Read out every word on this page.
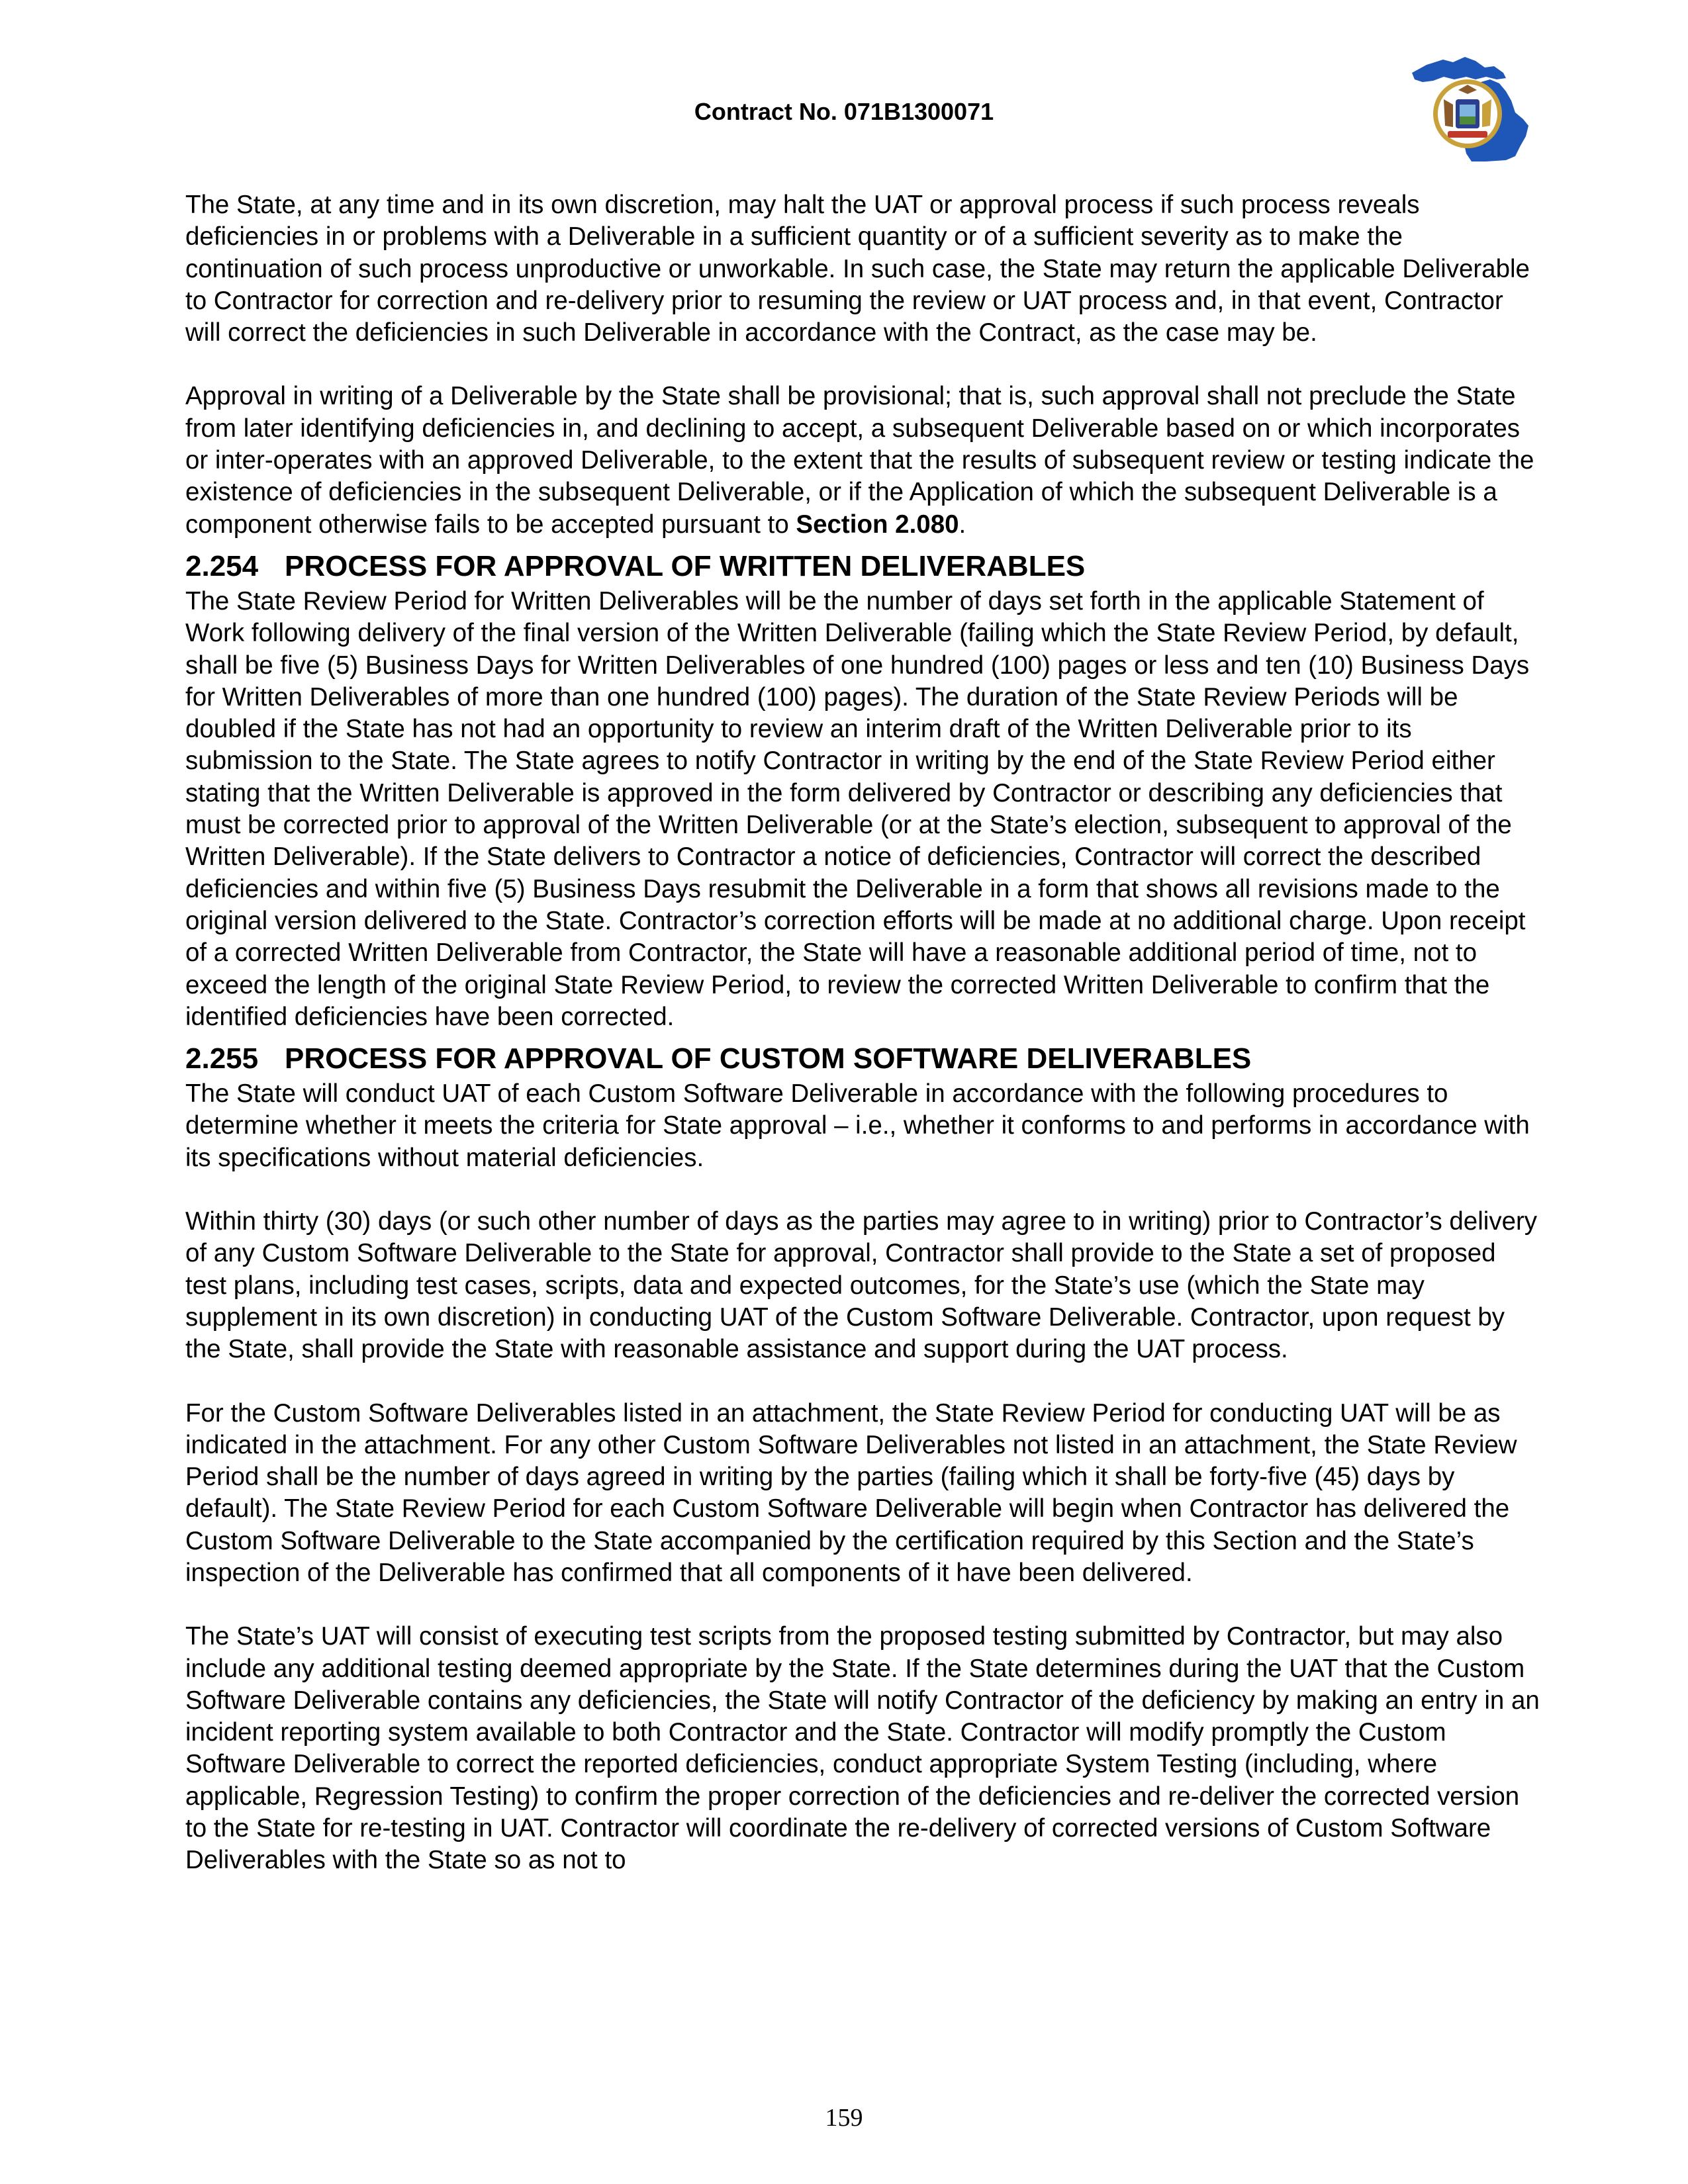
Contract No. 071B1300071

The State, at any time and in its own discretion, may halt the UAT or approval process if such process reveals deficiencies in or problems with a Deliverable in a sufficient quantity or of a sufficient severity as to make the continuation of such process unproductive or unworkable. In such case, the State may return the applicable Deliverable to Contractor for correction and re-delivery prior to resuming the review or UAT process and, in that event, Contractor will correct the deficiencies in such Deliverable in accordance with the Contract, as the case may be.

Approval in writing of a Deliverable by the State shall be provisional; that is, such approval shall not preclude the State from later identifying deficiencies in, and declining to accept, a subsequent Deliverable based on or which incorporates or inter-operates with an approved Deliverable, to the extent that the results of subsequent review or testing indicate the existence of deficiencies in the subsequent Deliverable, or if the Application of which the subsequent Deliverable is a component otherwise fails to be accepted pursuant to Section 2.080.

2.254 PROCESS FOR APPROVAL OF WRITTEN DELIVERABLES

The State Review Period for Written Deliverables will be the number of days set forth in the applicable Statement of Work following delivery of the final version of the Written Deliverable (failing which the State Review Period, by default, shall be five (5) Business Days for Written Deliverables of one hundred (100) pages or less and ten (10) Business Days for Written Deliverables of more than one hundred (100) pages). The duration of the State Review Periods will be doubled if the State has not had an opportunity to review an interim draft of the Written Deliverable prior to its submission to the State. The State agrees to notify Contractor in writing by the end of the State Review Period either stating that the Written Deliverable is approved in the form delivered by Contractor or describing any deficiencies that must be corrected prior to approval of the Written Deliverable (or at the State’s election, subsequent to approval of the Written Deliverable). If the State delivers to Contractor a notice of deficiencies, Contractor will correct the described deficiencies and within five (5) Business Days resubmit the Deliverable in a form that shows all revisions made to the original version delivered to the State. Contractor’s correction efforts will be made at no additional charge. Upon receipt of a corrected Written Deliverable from Contractor, the State will have a reasonable additional period of time, not to exceed the length of the original State Review Period, to review the corrected Written Deliverable to confirm that the identified deficiencies have been corrected.

2.255 PROCESS FOR APPROVAL OF CUSTOM SOFTWARE DELIVERABLES

The State will conduct UAT of each Custom Software Deliverable in accordance with the following procedures to determine whether it meets the criteria for State approval – i.e., whether it conforms to and performs in accordance with its specifications without material deficiencies.

Within thirty (30) days (or such other number of days as the parties may agree to in writing) prior to Contractor’s delivery of any Custom Software Deliverable to the State for approval, Contractor shall provide to the State a set of proposed test plans, including test cases, scripts, data and expected outcomes, for the State’s use (which the State may supplement in its own discretion) in conducting UAT of the Custom Software Deliverable. Contractor, upon request by the State, shall provide the State with reasonable assistance and support during the UAT process.

For the Custom Software Deliverables listed in an attachment, the State Review Period for conducting UAT will be as indicated in the attachment. For any other Custom Software Deliverables not listed in an attachment, the State Review Period shall be the number of days agreed in writing by the parties (failing which it shall be forty-five (45) days by default). The State Review Period for each Custom Software Deliverable will begin when Contractor has delivered the Custom Software Deliverable to the State accompanied by the certification required by this Section and the State’s inspection of the Deliverable has confirmed that all components of it have been delivered.

The State’s UAT will consist of executing test scripts from the proposed testing submitted by Contractor, but may also include any additional testing deemed appropriate by the State. If the State determines during the UAT that the Custom Software Deliverable contains any deficiencies, the State will notify Contractor of the deficiency by making an entry in an incident reporting system available to both Contractor and the State. Contractor will modify promptly the Custom Software Deliverable to correct the reported deficiencies, conduct appropriate System Testing (including, where applicable, Regression Testing) to confirm the proper correction of the deficiencies and re-deliver the corrected version to the State for re-testing in UAT. Contractor will coordinate the re-delivery of corrected versions of Custom Software Deliverables with the State so as not to

159
